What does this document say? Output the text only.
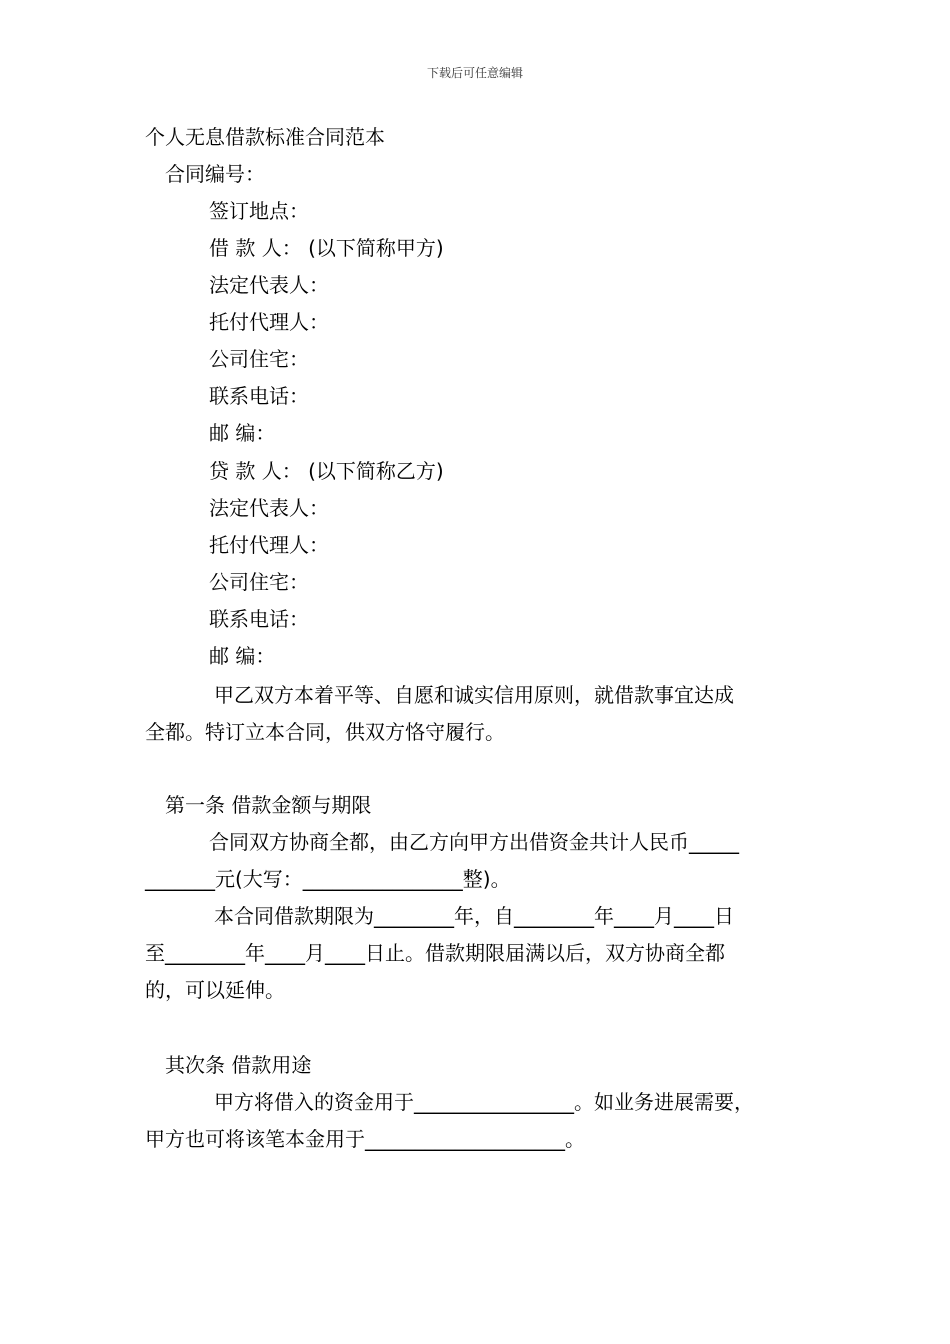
下载后可任意编辑
个人无息借款标准合同范本
合同编号：
签订地点：
借 款 人： (以下简称甲方)
法定代表人：
托付代理人：
公司住宅：
联系电话：
邮 编：
贷 款 人： (以下简称乙方)
法定代表人：
托付代理人：
公司住宅：
联系电话：
邮 编：
甲乙双方本着平等、自愿和诚实信用原则，就借款事宜达成
全都。特订立本合同，供双方恪守履行。
第一条 借款金额与期限
合同双方协商全都，由乙方向甲方出借资金共计人民币_____
_______元(大写：________________整)。
本合同借款期限为________年，自________年____月____日
至________年____月____日止。借款期限届满以后，双方协商全都
的，可以延伸。
其次条 借款用途
甲方将借入的资金用于________________。如业务进展需要，
甲方也可将该笔本金用于____________________。
